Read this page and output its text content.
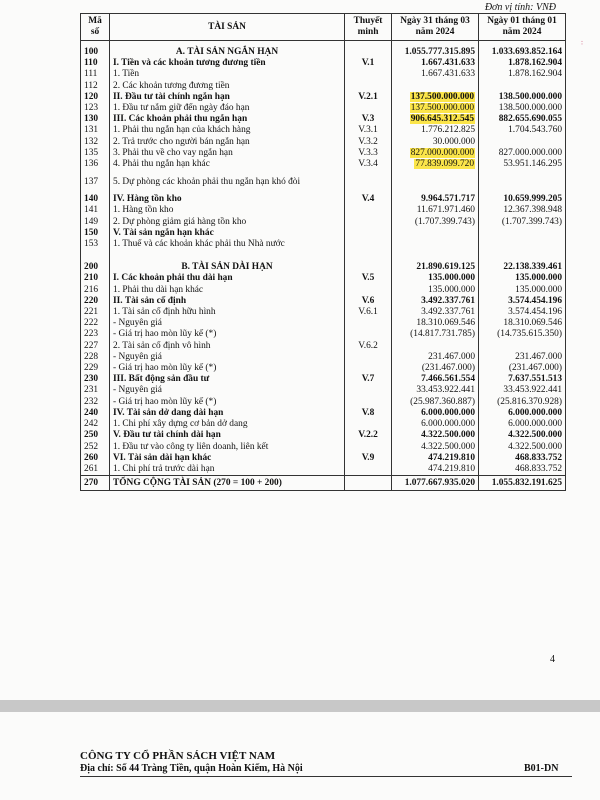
Đơn vị tính: VNĐ
··
Mã số	TÀI SẢN	Thuyết minh	Ngày 31 tháng 03 năm 2024	Ngày 01 tháng 01 năm 2024

100	A. TÀI SẢN NGẮN HẠN		1.055.777.315.895	1.033.693.852.164
110	I. Tiền và các khoản tương đương tiền	V.1	1.667.431.633	1.878.162.904
111	1. Tiền		1.667.431.633	1.878.162.904
112	2. Các khoản tương đương tiền			
120	II. Đầu tư tài chính ngắn hạn	V.2.1	137.500.000.000	138.500.000.000
123	1. Đầu tư nắm giữ đến ngày đáo hạn		137.500.000.000	138.500.000.000
130	III. Các khoản phải thu ngắn hạn	V.3	906.645.312.545	882.655.690.055
131	1. Phải thu ngắn hạn của khách hàng	V.3.1	1.776.212.825	1.704.543.760
132	2. Trả trước cho người bán ngắn hạn	V.3.2	30.000.000	
135	3. Phải thu về cho vay ngắn hạn	V.3.3	827.000.000.000	827.000.000.000
136	4. Phải thu ngắn hạn khác	V.3.4	77.839.099.720	53.951.146.295
137	5. Dự phòng các khoản phải thu ngắn hạn khó đòi			
140	IV. Hàng tồn kho	V.4	9.964.571.717	10.659.999.205
141	1. Hàng tồn kho		11.671.971.460	12.367.398.948
149	2. Dự phòng giảm giá hàng tồn kho		(1.707.399.743)	(1.707.399.743)
150	V. Tài sản ngắn hạn khác			
153	1. Thuế và các khoản khác phải thu Nhà nước			

200	B. TÀI SẢN DÀI HẠN		21.890.619.125	22.138.339.461
210	I. Các khoản phải thu dài hạn	V.5	135.000.000	135.000.000
216	1. Phải thu dài hạn khác		135.000.000	135.000.000
220	II. Tài sản cố định	V.6	3.492.337.761	3.574.454.196
221	1. Tài sản cố định hữu hình	V.6.1	3.492.337.761	3.574.454.196
222	- Nguyên giá		18.310.069.546	18.310.069.546
223	- Giá trị hao mòn lũy kế (*)		(14.817.731.785)	(14.735.615.350)
227	2. Tài sản cố định vô hình	V.6.2		
228	- Nguyên giá		231.467.000	231.467.000
229	- Giá trị hao mòn lũy kế (*)		(231.467.000)	(231.467.000)
230	III. Bất động sản đầu tư	V.7	7.466.561.554	7.637.551.513
231	- Nguyên giá		33.453.922.441	33.453.922.441
232	- Giá trị hao mòn lũy kế (*)		(25.987.360.887)	(25.816.370.928)
240	IV. Tài sản dở dang dài hạn	V.8	6.000.000.000	6.000.000.000
242	1. Chi phí xây dựng cơ bản dở dang		6.000.000.000	6.000.000.000
250	V. Đầu tư tài chính dài hạn	V.2.2	4.322.500.000	4.322.500.000
252	1. Đầu tư vào công ty liên doanh, liên kết		4.322.500.000	4.322.500.000
260	VI. Tài sản dài hạn khác	V.9	474.219.810	468.833.752
261	1. Chi phí trả trước dài hạn		474.219.810	468.833.752
270	TỔNG CỘNG TÀI SẢN (270 = 100 + 200)		1.077.667.935.020	1.055.832.191.625
4
CÔNG TY CỔ PHẦN SÁCH VIỆT NAM
Địa chỉ: Số 44 Tràng Tiền, quận Hoàn Kiếm, Hà Nội	B01-DN
